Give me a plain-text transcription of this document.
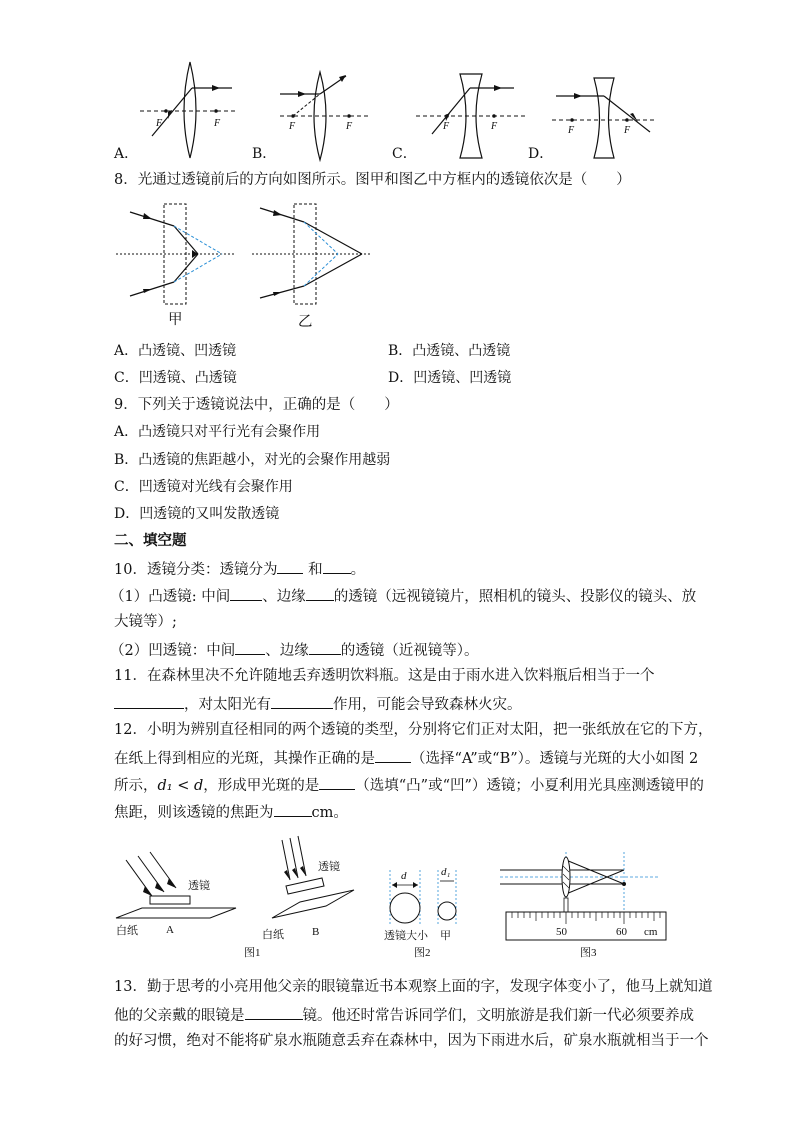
F	F	F	F	F	F	F	F
A．	B．	C．	D．
8．光通过透镜前后的方向如图所示。图甲和图乙中方框内的透镜依次是（　　）
甲	乙
A．凸透镜、凹透镜	B．凸透镜、凸透镜
C．凹透镜、凸透镜	D．凹透镜、凹透镜
9．下列关于透镜说法中，正确的是（　　）
A．凸透镜只对平行光有会聚作用
B．凸透镜的焦距越小，对光的会聚作用越弱
C．凹透镜对光线有会聚作用
D．凹透镜的又叫发散透镜
二、填空题
10．透镜分类：透镜分为 和 。
（1）凸透镜: 中间 、边缘 的透镜（远视镜镜片，照相机的镜头、投影仪的镜头、放
大镜等）;
（2）凹透镜：中间 、边缘 的透镜（近视镜等）。
11．在森林里决不允许随地丢弃透明饮料瓶。这是由于雨水进入饮料瓶后相当于一个
，对太阳光有	作用，可能会导致森林火灾。
12．小明为辨别直径相同的两个透镜的类型，分别将它们正对太阳，把一张纸放在它的下方，
在纸上得到相应的光斑，其操作正确的是 （选择“A”或“B”）。透镜与光斑的大小如图 2
所示，d₁ < d，形成甲光斑的是 （选填“凸”或“凹”）透镜；小夏利用光具座测透镜甲的
焦距，则该透镜的焦距为	cm。
透镜
透镜
白纸	A	白纸	B
图1
d	d₁
透镜大小 甲
图2
50	60 cm
图3
13．勤于思考的小亮用他父亲的眼镜靠近书本观察上面的字，发现字体变小了，他马上就知道
他的父亲戴的眼镜是	镜。他还时常告诉同学们，文明旅游是我们新一代必须要养成
的好习惯，绝对不能将矿泉水瓶随意丢弃在森林中，因为下雨进水后，矿泉水瓶就相当于一个
